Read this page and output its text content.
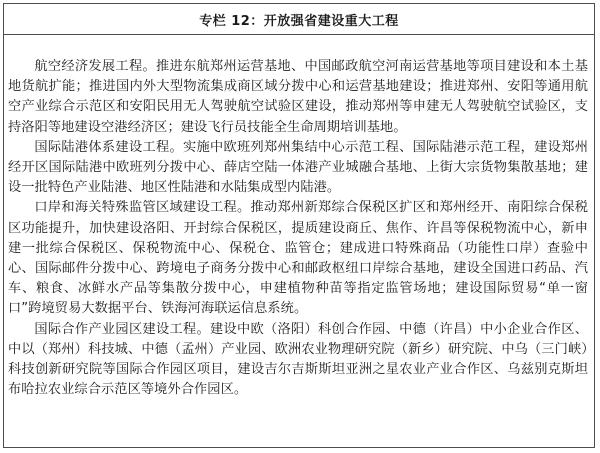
专栏 12：开放强省建设重大工程

航空经济发展工程。推进东航郑州运营基地、中国邮政航空河南运营基地等项目建设和本土基地货航扩能；推进国内外大型物流集成商区域分拨中心和运营基地建设；推进郑州、安阳等通用航空产业综合示范区和安阳民用无人驾驶航空试验区建设，推动郑州等申建无人驾驶航空试验区，支持洛阳等地建设空港经济区；建设飞行员技能全生命周期培训基地。

国际陆港体系建设工程。实施中欧班列郑州集结中心示范工程、国际陆港示范工程，建设郑州经开区国际陆港中欧班列分拨中心、薛店空陆一体港产业城融合基地、上街大宗货物集散基地；建设一批特色产业陆港、地区性陆港和水陆集成型内陆港。

口岸和海关特殊监管区域建设工程。推动郑州新郑综合保税区扩区和郑州经开、南阳综合保税区功能提升，加快建设洛阳、开封综合保税区，提质建设商丘、焦作、许昌等保税物流中心，新申建一批综合保税区、保税物流中心、保税仓、监管仓；建成进口特殊商品（功能性口岸）查验中心、国际邮件分拨中心、跨境电子商务分拨中心和邮政枢纽口岸综合基地，建设全国进口药品、汽车、粮食、冰鲜水产品等集散分拨中心，申建植物种苗等指定监管场地；建设国际贸易“单一窗口”跨境贸易大数据平台、铁海河海联运信息系统。

国际合作产业园区建设工程。建设中欧（洛阳）科创合作园、中德（许昌）中小企业合作区、中以（郑州）科技城、中德（孟州）产业园、欧洲农业物理研究院（新乡）研究院、中乌（三门峡）科技创新研究院等国际合作园区项目，建设吉尔吉斯斯坦亚洲之星农业产业合作区、乌兹别克斯坦布哈拉农业综合示范区等境外合作园区。
